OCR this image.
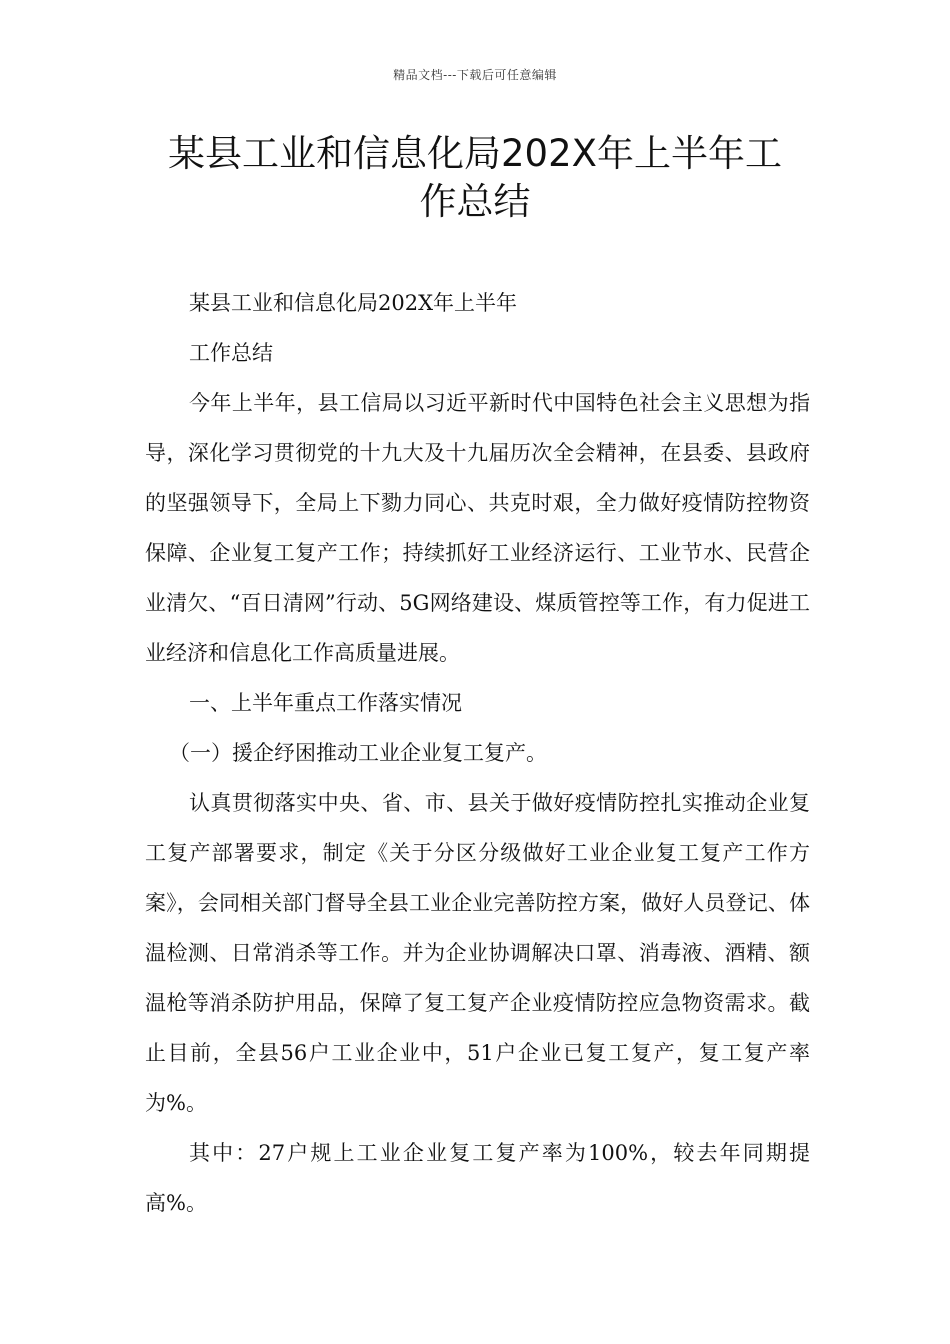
精品文档---下载后可任意编辑
某县工业和信息化局202X年上半年工
作总结

某县工业和信息化局202X年上半年

工作总结

今年上半年，县工信局以习近平新时代中国特色社会主义思想为指导，深化学习贯彻党的十九大及十九届历次全会精神，在县委、县政府的坚强领导下，全局上下勠力同心、共克时艰，全力做好疫情防控物资保障、企业复工复产工作；持续抓好工业经济运行、工业节水、民营企业清欠、“百日清网”行动、5G网络建设、煤质管控等工作，有力促进工业经济和信息化工作高质量进展。

一、上半年重点工作落实情况

（一）援企纾困推动工业企业复工复产。

认真贯彻落实中央、省、市、县关于做好疫情防控扎实推动企业复工复产部署要求，制定《关于分区分级做好工业企业复工复产工作方案》，会同相关部门督导全县工业企业完善防控方案，做好人员登记、体温检测、日常消杀等工作。并为企业协调解决口罩、消毒液、酒精、额温枪等消杀防护用品，保障了复工复产企业疫情防控应急物资需求。截止目前，全县56户工业企业中，51户企业已复工复产，复工复产率为%。

其中：27户规上工业企业复工复产率为100%，较去年同期提高%。
